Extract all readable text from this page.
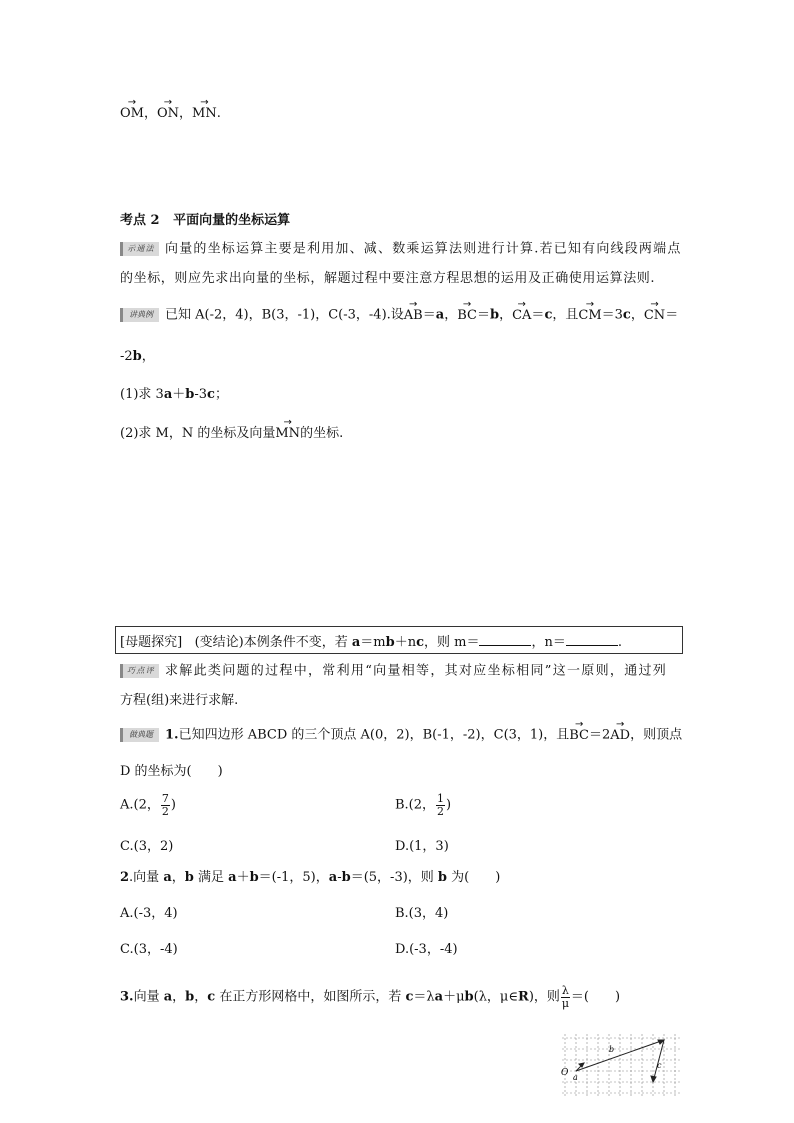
→ OM，→ ON，→ MN.
考点 2 平面向量的坐标运算
示通法 向量的坐标运算主要是利用加、减、数乘运算法则进行计算.若已知有向线段两端点
的坐标，则应先求出向量的坐标，解题过程中要注意方程思想的运用及正确使用运算法则.
讲典例 已知 A(-2，4)，B(3，-1)，C(-3，-4).设→ AB＝a，→ BC＝b，→ CA＝c，且→ CM＝3c，→ CN＝
-2b，
(1)求 3a＋b-3c；
(2)求 M，N 的坐标及向量→ MN的坐标.
[母题探究] (变结论)本例条件不变，若 a＝mb＋nc，则 m＝	，n＝	.
巧点评 求解此类问题的过程中，常利用“向量相等，其对应坐标相同”这一原则，通过列
方程(组)来进行求解.
做典题 1.已知四边形 ABCD 的三个顶点 A(0，2)，B(-1，-2)，C(3，1)，且→ BC＝2→ AD，则顶点
D 的坐标为(　　)
A.(2， $\frac{7}{2}$ )	B.(2， $\frac{1}{2}$ )
C.(3，2)	D.(1，3)
2.向量 a，b 满足 a＋b＝(-1，5)，a-b＝(5，-3)，则 b 为(　　)
A.(-3，4)	B.(3，4)
C.(3，-4)	D.(-3，-4)
3.向量 a，b，c 在正方形网格中，如图所示，若 c＝λa＋μb(λ，μ∈R)，则 $\frac{\lambda}{\mu}$ ＝(　　)
O a
b
c
